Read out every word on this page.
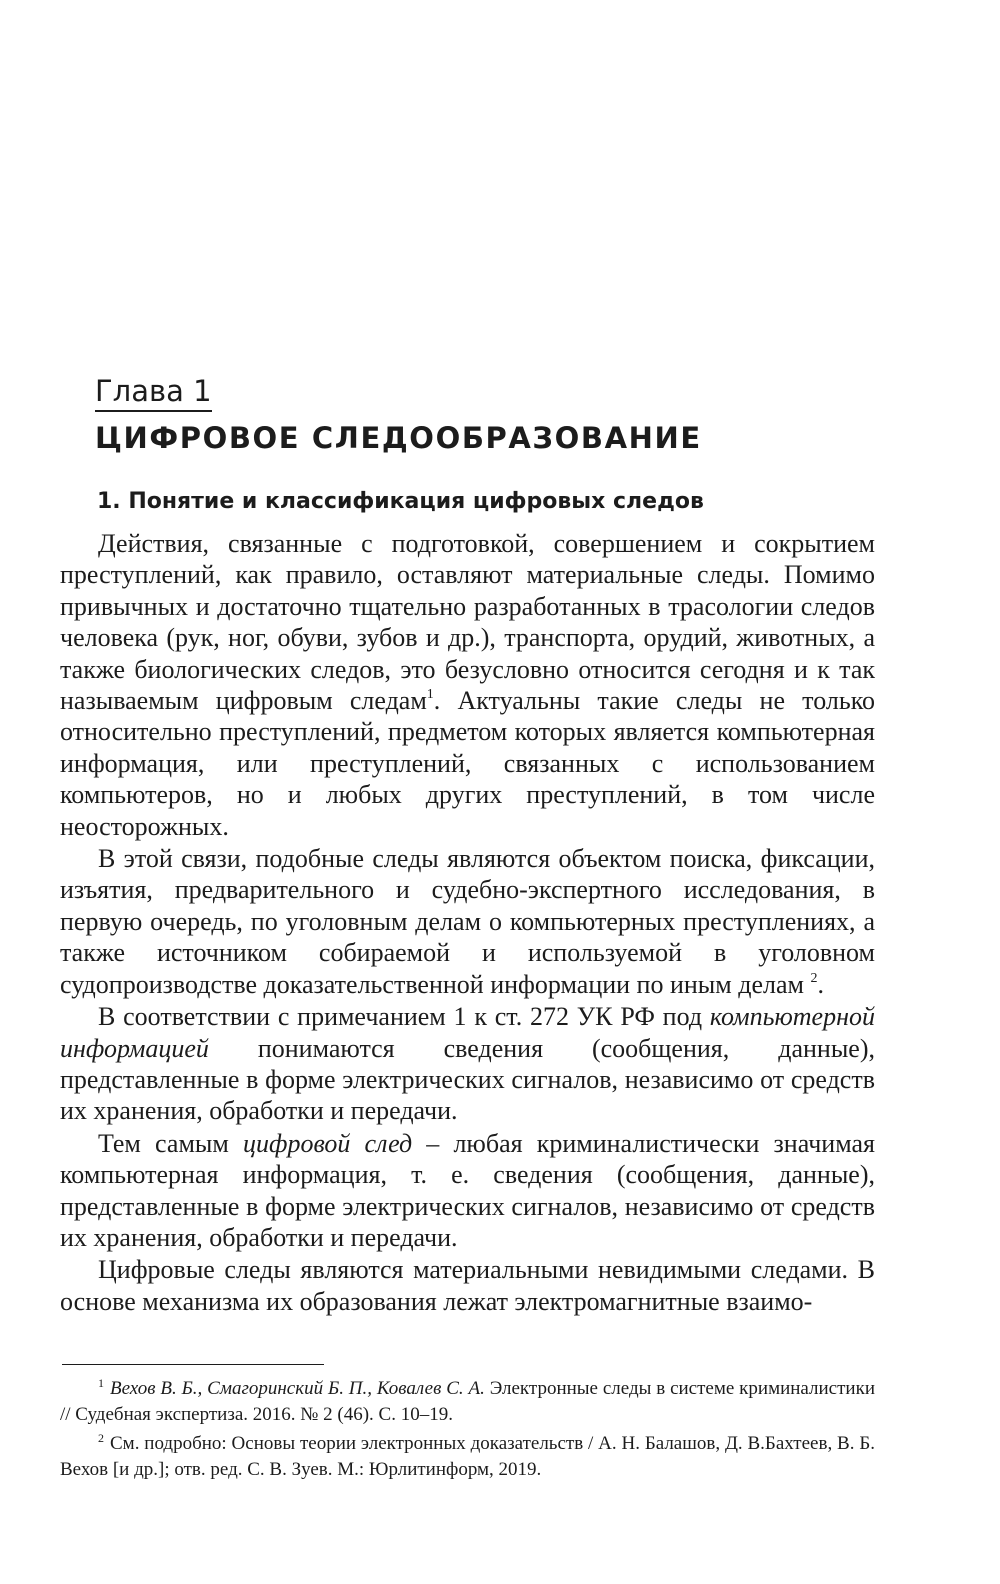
Глава 1
ЦИФРОВОЕ СЛЕДООБРАЗОВАНИЕ
1. Понятие и классификация цифровых следов

Действия, связанные с подготовкой, совершением и сокрытием преступлений, как правило, оставляют материальные следы. Помимо привычных и достаточно тщательно разработанных в трасологии следов человека (рук, ног, обуви, зубов и др.), транспорта, орудий, животных, а также биологических следов, это безусловно относится сегодня и к так называемым цифровым следам$^1$. Актуальны такие следы не только относительно преступлений, предметом которых является компьютерная информация, или преступлений, связанных с использованием компьютеров, но и любых других преступлений, в том числе неосторожных.

В этой связи, подобные следы являются объектом поиска, фиксации, изъятия, предварительного и судебно-экспертного исследования, в первую очередь, по уголовным делам о компьютерных преступлениях, а также источником собираемой и используемой в уголовном судопроизводстве доказательственной информации по иным делам $^2$.

В соответствии с примечанием 1 к ст. 272 УК РФ под компьютерной информацией понимаются сведения (сообщения, данные), представленные в форме электрических сигналов, независимо от средств их хранения, обработки и передачи.

Тем самым цифровой след – любая криминалистически значимая компьютерная информация, т. е. сведения (сообщения, данные), представленные в форме электрических сигналов, независимо от средств их хранения, обработки и передачи.

Цифровые следы являются материальными невидимыми следами. В основе механизма их образования лежат электромагнитные взаимо-

$^1$ Вехов В. Б., Смагоринский Б. П., Ковалев С. А. Электронные следы в системе криминалистики // Судебная экспертиза. 2016. № 2 (46). С. 10–19.

$^2$ См. подробно: Основы теории электронных доказательств / А. Н. Балашов, Д. В.Бахтеев, В. Б. Вехов [и др.]; отв. ред. С. В. Зуев. М.: Юрлитинформ, 2019.
